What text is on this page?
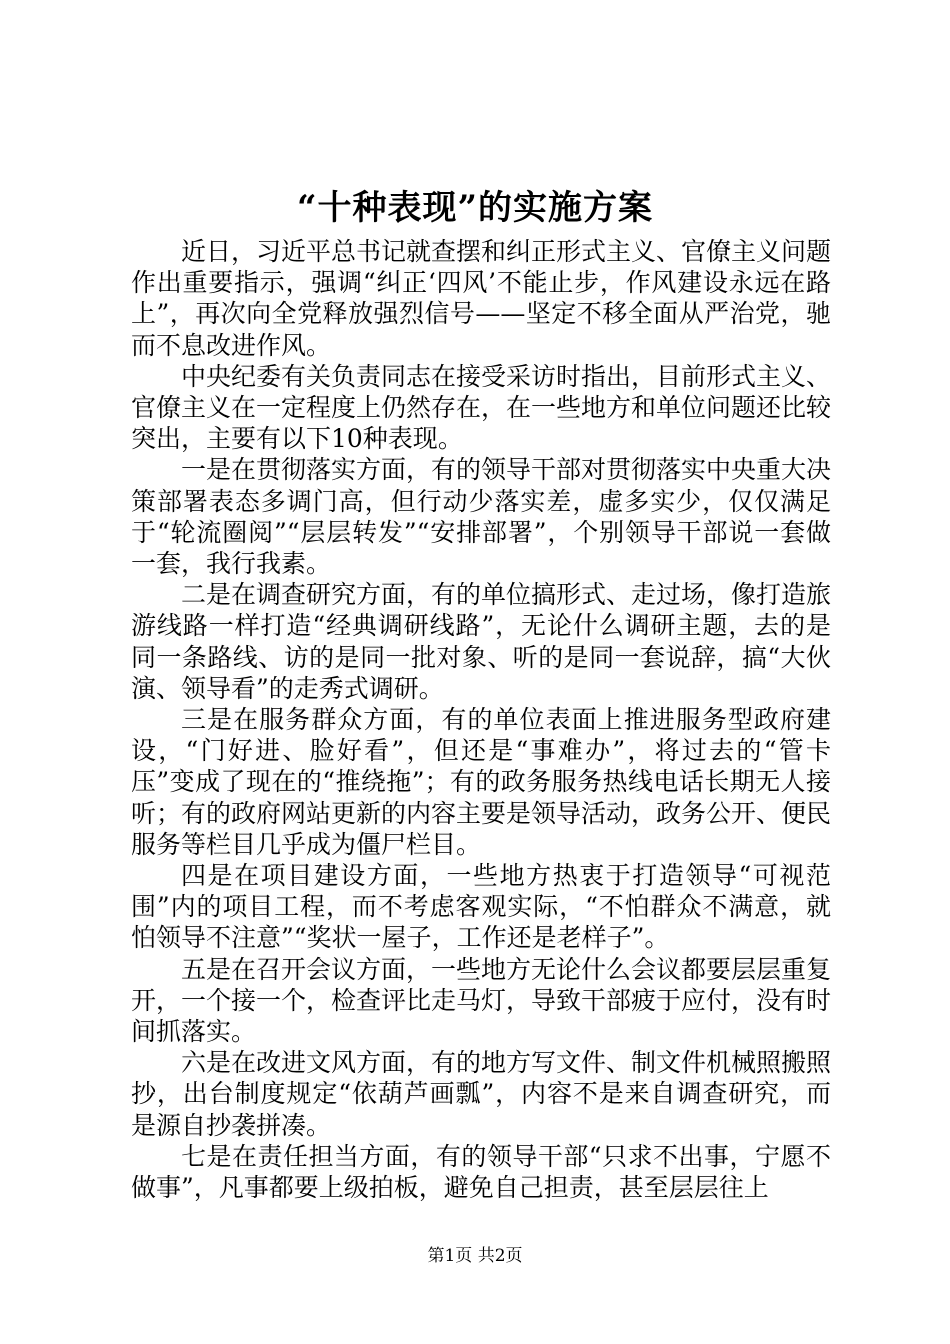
“十种表现”的实施方案

近日，习近平总书记就查摆和纠正形式主义、官僚主义问题作出重要指示，强调“纠正‘四风’不能止步，作风建设永远在路上”，再次向全党释放强烈信号——坚定不移全面从严治党，驰而不息改进作风。

中央纪委有关负责同志在接受采访时指出，目前形式主义、官僚主义在一定程度上仍然存在，在一些地方和单位问题还比较突出，主要有以下10种表现。

一是在贯彻落实方面，有的领导干部对贯彻落实中央重大决策部署表态多调门高，但行动少落实差，虚多实少，仅仅满足于“轮流圈阅”“层层转发”“安排部署”，个别领导干部说一套做一套，我行我素。

二是在调查研究方面，有的单位搞形式、走过场，像打造旅游线路一样打造“经典调研线路”，无论什么调研主题，去的是同一条路线、访的是同一批对象、听的是同一套说辞，搞“大伙演、领导看”的走秀式调研。

三是在服务群众方面，有的单位表面上推进服务型政府建设，“门好进、脸好看”，但还是“事难办”，将过去的“管卡压”变成了现在的“推绕拖”；有的政务服务热线电话长期无人接听；有的政府网站更新的内容主要是领导活动，政务公开、便民服务等栏目几乎成为僵尸栏目。

四是在项目建设方面，一些地方热衷于打造领导“可视范围”内的项目工程，而不考虑客观实际，“不怕群众不满意，就怕领导不注意”“奖状一屋子，工作还是老样子”。

五是在召开会议方面，一些地方无论什么会议都要层层重复开，一个接一个，检查评比走马灯，导致干部疲于应付，没有时间抓落实。

六是在改进文风方面，有的地方写文件、制文件机械照搬照抄，出台制度规定“依葫芦画瓢”，内容不是来自调查研究，而是源自抄袭拼凑。

七是在责任担当方面，有的领导干部“只求不出事，宁愿不做事”，凡事都要上级拍板，避免自己担责，甚至层层往上

第1页 共2页
